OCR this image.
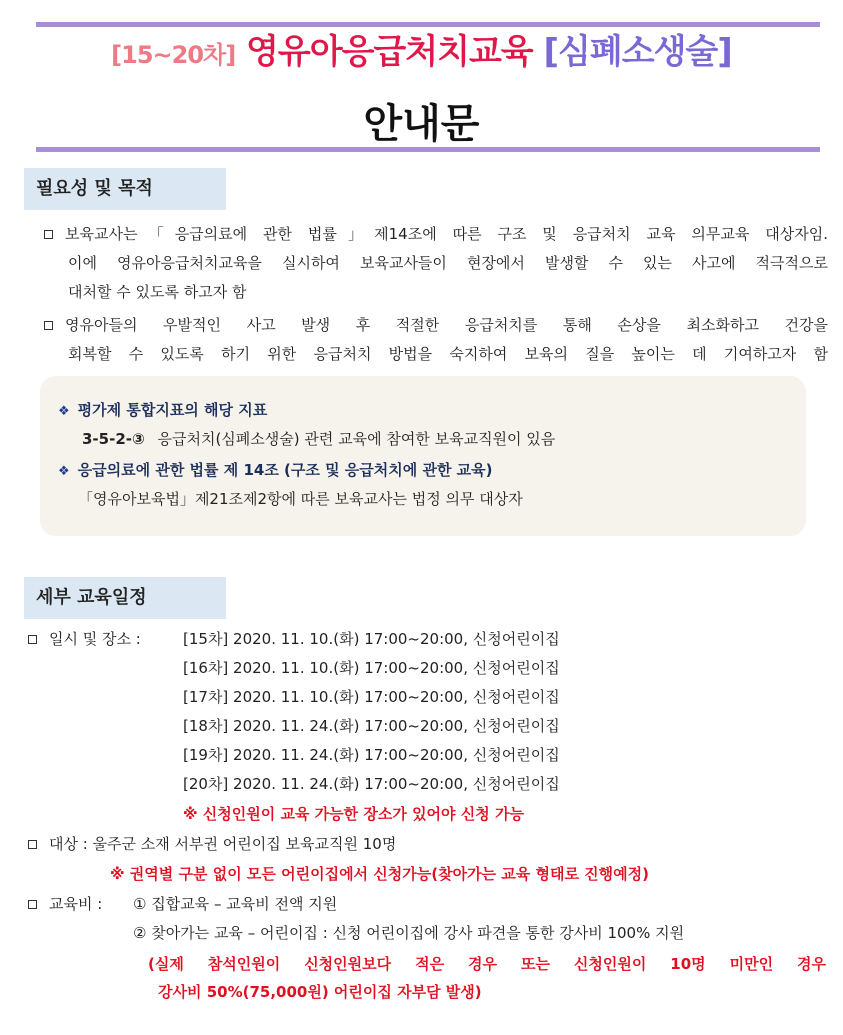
[15~20차] 영유아응급처치교육 [심폐소생술]
안내문
필요성 및 목적
보육교사는「응급의료에 관한 법률」제14조에 따른 구조 및 응급처치 교육 의무교육 대상자임.
이에 영유아응급처치교육을 실시하여 보육교사들이 현장에서 발생할 수 있는 사고에 적극적으로
대처할 수 있도록 하고자 함
영유아들의 우발적인 사고 발생 후 적절한 응급처치를 통해 손상을 최소화하고 건강을
회복할 수 있도록 하기 위한 응급처치 방법을 숙지하여 보육의 질을 높이는 데 기여하고자 함
❖ 평가제 통합지표의 해당 지표
3-5-2-③ 응급처치(심폐소생술) 관련 교육에 참여한 보육교직원이 있음
❖ 응급의료에 관한 법률 제 14조 (구조 및 응급처치에 관한 교육)
「영유아보육법」제21조제2항에 따른 보육교사는 법정 의무 대상자
세부 교육일정
일시 및 장소 :	[15차] 2020. 11. 10.(화) 17:00~20:00, 신청어린이집
[16차] 2020. 11. 10.(화) 17:00~20:00, 신청어린이집
[17차] 2020. 11. 10.(화) 17:00~20:00, 신청어린이집
[18차] 2020. 11. 24.(화) 17:00~20:00, 신청어린이집
[19차] 2020. 11. 24.(화) 17:00~20:00, 신청어린이집
[20차] 2020. 11. 24.(화) 17:00~20:00, 신청어린이집
※ 신청인원이 교육 가능한 장소가 있어야 신청 가능
대상 : 울주군 소재 서부권 어린이집 보육교직원 10명
※ 권역별 구분 없이 모든 어린이집에서 신청가능(찾아가는 교육 형태로 진행예정)
교육비 : ① 집합교육 – 교육비 전액 지원
② 찾아가는 교육 – 어린이집 : 신청 어린이집에 강사 파견을 통한 강사비 100% 지원
(실제 참석인원이 신청인원보다 적은 경우 또는 신청인원이 10명 미만인 경우
강사비 50%(75,000원) 어린이집 자부담 발생)
